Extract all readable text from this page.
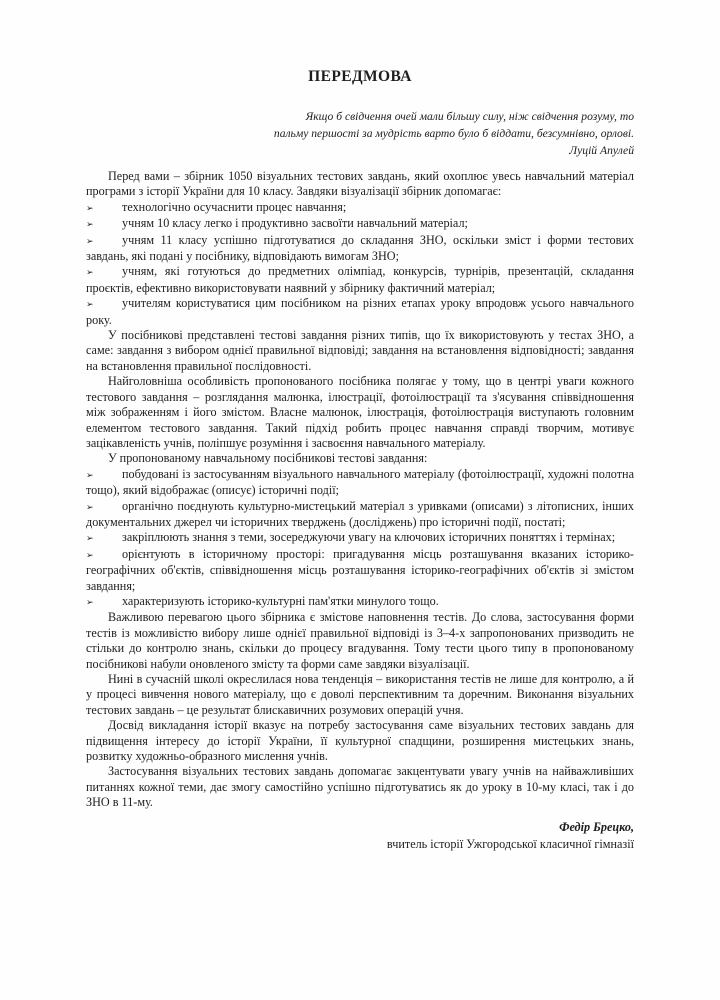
ПЕРЕДМОВА
Якщо б свідчення очей мали більшу силу, ніж свідчення розуму, то
пальму першості за мудрість варто було б віддати, безсумнівно, орлові.
Луцій Апулей
Перед вами – збірник 1050 візуальних тестових завдань, який охоплює увесь навчальний матеріал програми з історії України для 10 класу. Завдяки візуалізації збірник допомагає:
➢ технологічно осучаснити процес навчання;
➢ учням 10 класу легко і продуктивно засвоїти навчальний матеріал;
➢ учням 11 класу успішно підготуватися до складання ЗНО, оскільки зміст і форми тестових завдань, які подані у посібнику, відповідають вимогам ЗНО;
➢ учням, які готуються до предметних олімпіад, конкурсів, турнірів, презентацій, складання проєктів, ефективно використовувати наявний у збірнику фактичний матеріал;
➢ учителям користуватися цим посібником на різних етапах уроку впродовж усього навчального року.
У посібникові представлені тестові завдання різних типів, що їх використовують у тестах ЗНО, а саме: завдання з вибором однієї правильної відповіді; завдання на встановлення відповідності; завдання на встановлення правильної послідовності.
Найголовніша особливість пропонованого посібника полягає у тому, що в центрі уваги кожного тестового завдання – розглядання малюнка, ілюстрації, фотоілюстрації та з'ясування співвідношення між зображенням і його змістом. Власне малюнок, ілюстрація, фотоілюстрація виступають головним елементом тестового завдання. Такий підхід робить процес навчання справді творчим, мотивує зацікавленість учнів, поліпшує розуміння і засвоєння навчального матеріалу.
У пропонованому навчальному посібникові тестові завдання:
➢ побудовані із застосуванням візуального навчального матеріалу (фотоілюстрації, художні полотна тощо), який відображає (описує) історичні події;
➢ органічно поєднують культурно-мистецький матеріал з уривками (описами) з літописних, інших документальних джерел чи історичних тверджень (досліджень) про історичні події, постаті;
➢ закріплюють знання з теми, зосереджуючи увагу на ключових історичних поняттях і термінах;
➢ орієнтують в історичному просторі: пригадування місць розташування вказаних історико-географічних об'єктів, співвідношення місць розташування історико-географічних об'єктів зі змістом завдання;
➢ характеризують історико-культурні пам'ятки минулого тощо.
Важливою перевагою цього збірника є змістове наповнення тестів. До слова, застосування форми тестів із можливістю вибору лише однієї правильної відповіді із 3–4-х запропонованих призводить не стільки до контролю знань, скільки до процесу вгадування. Тому тести цього типу в пропонованому посібникові набули оновленого змісту та форми саме завдяки візуалізації.
Нині в сучасній школі окреслилася нова тенденція – використання тестів не лише для контролю, а й у процесі вивчення нового матеріалу, що є доволі перспективним та доречним. Виконання візуальних тестових завдань – це результат блискавичних розумових операцій учня.
Досвід викладання історії вказує на потребу застосування саме візуальних тестових завдань для підвищення інтересу до історії України, її культурної спадщини, розширення мистецьких знань, розвитку художньо-образного мислення учнів.
Застосування візуальних тестових завдань допомагає закцентувати увагу учнів на найважливіших питаннях кожної теми, дає змогу самостійно успішно підготуватись як до уроку в 10-му класі, так і до ЗНО в 11-му.
Федір Брецко,
вчитель історії Ужгородської класичної гімназії
